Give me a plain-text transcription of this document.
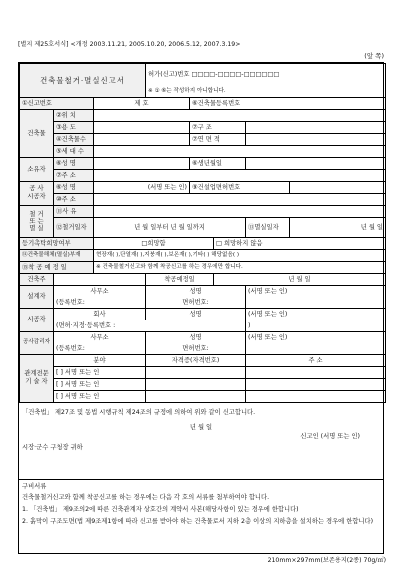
[별지 제25호서식] <개정 2003.11.21, 2005.10.20, 2006.5.12, 2007.3.19>
(앞 쪽)
건축물철거·멸실신고서			허가(신고)번호 □□□□-□□□□-□□□□□□				
			※ ① ⑥는 작성하지 아니합니다.				
①신고번호		제 호		⑥건축물등록번호			
건축물	②위 치						
	③용 도			⑦구 조			
	④건축물수			⑦연 면 적			
	⑤세 대 수						
소유자	⑥성 명			⑥생년월일			
	⑦주 소						
공 사
시공자	⑥성 명	(서명 또는 인)		⑨건설업면허번호			
	⑩주 소						
철 거
또 는
멸 실	⑪사 유						
	⑫철거일자	년 월 일부터 년 월 일까지				⑬멸실일자	년 월 일
등기촉탁희망여부		□희망함			□ 희망하지 않음		
⑭건축물해체(멸실)부재		현장재( ),단열재( ),지붕재( ),보온재( ),기타( ) 해당없음( )					
⑮착 공 예 정 일		※ 건축물철거신고와 함께 착공신고를 하는 경우에만 합니다.					
건축주			착공예정일		년 월 일		
설계자	사무소		성명			(서명 또는 인)	
	(등록번호:		면허번호:				
시공자	회사		성명			(서명 또는 인)	
	(면허·지정·등록번호 :					)	
공사감리자	사무소		성명			(서명 또는 인)	
	(등록번호:		면허번호:				
관계전문
기 술 자	분야		자격증(자격번호)			주 소	
	[ ] 서명 또는 인						
	[ ] 서명 또는 인						
	[ ] 서명 또는 인						
「건축법」 제27조 및 동법 시행규칙 제24조의 규정에 의하여 위와 같이 신고합니다.
년 월 일
신고인 (서명 또는 인)
시장·군수 구청장 귀하
구비서류
건축물철거신고와 함께 착공신고를 하는 경우에는 다음 각 호의 서류를 첨부하여야 합니다.
1. 「건축법」 제9조의2에 따른 건축관계자 상호간의 계약서 사본(해당사항이 있는 경우에 한합니다)
2. 흙막이 구조도면(법 제9조제1항에 따라 신고를 받아야 하는 건축물로서 지하 2층 이상의 지하층을 설치하는 경우에 한합니다)
210mm×297mm(보존용지(2종) 70g/㎡)
